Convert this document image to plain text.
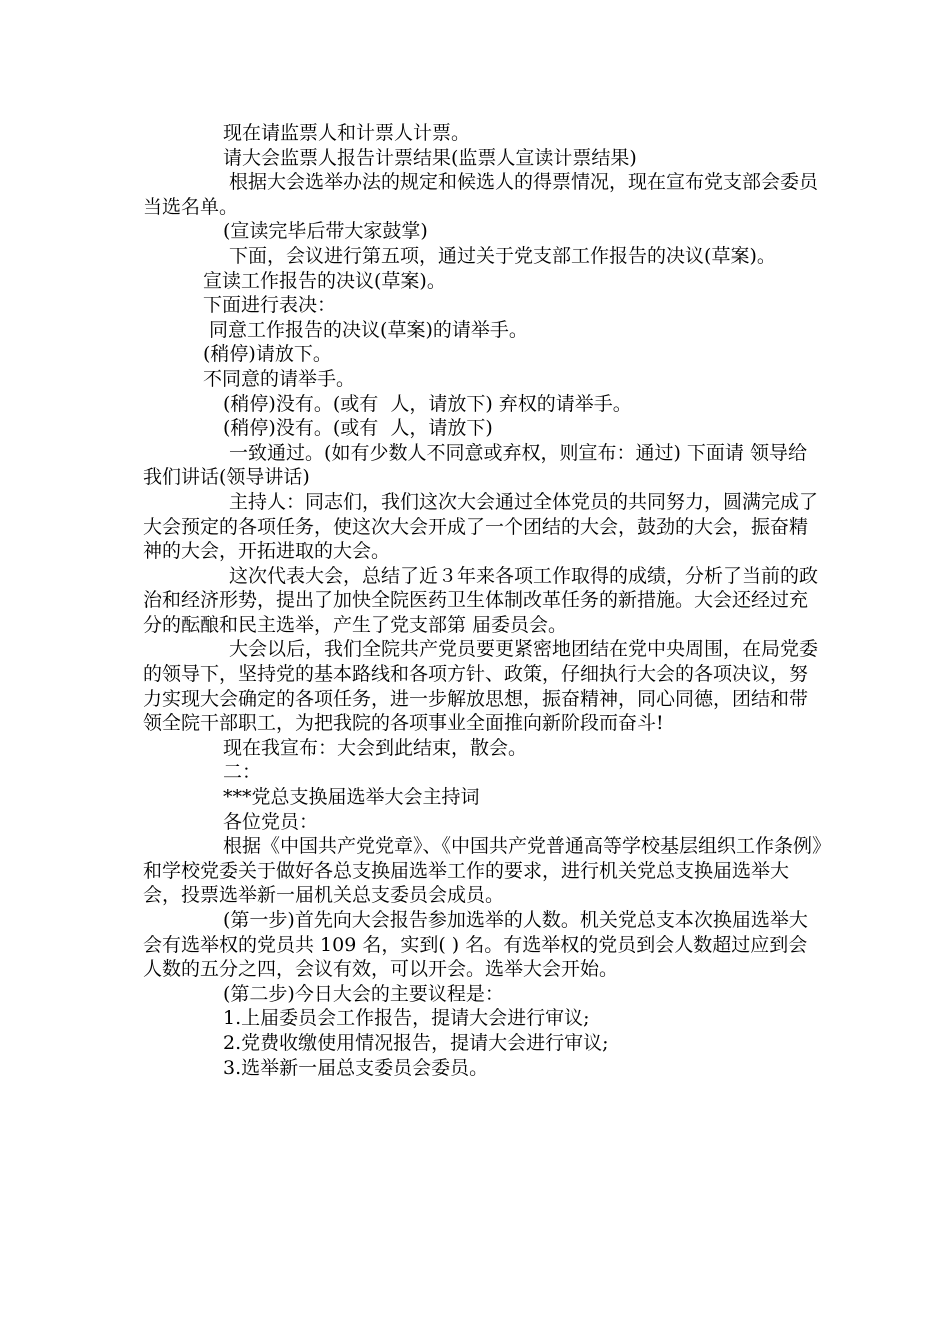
现在请监票人和计票人计票。

请大会监票人报告计票结果(监票人宣读计票结果)

根据大会选举办法的规定和候选人的得票情况，现在宣布党支部会委员当选名单。

(宣读完毕后带大家鼓掌)

下面，会议进行第五项，通过关于党支部工作报告的决议(草案)。

宣读工作报告的决议(草案)。

下面进行表决：

同意工作报告的决议(草案)的请举手。

(稍停)请放下。

不同意的请举手。

(稍停)没有。(或有  人，请放下) 弃权的请举手。

(稍停)没有。(或有  人，请放下)

一致通过。(如有少数人不同意或弃权，则宣布：通过) 下面请 领导给我们讲话(领导讲话)

主持人：同志们，我们这次大会通过全体党员的共同努力，圆满完成了大会预定的各项任务，使这次大会开成了一个团结的大会，鼓劲的大会，振奋精神的大会，开拓进取的大会。

这次代表大会，总结了近３年来各项工作取得的成绩，分析了当前的政治和经济形势，提出了加快全院医药卫生体制改革任务的新措施。大会还经过充分的酝酿和民主选举，产生了党支部第 届委员会。

大会以后，我们全院共产党员要更紧密地团结在党中央周围，在局党委的领导下，坚持党的基本路线和各项方针、政策，仔细执行大会的各项决议，努力实现大会确定的各项任务，进一步解放思想，振奋精神，同心同德，团结和带领全院干部职工，为把我院的各项事业全面推向新阶段而奋斗!

现在我宣布：大会到此结束，散会。

二：

***党总支换届选举大会主持词

各位党员：

根据《中国共产党党章》、《中国共产党普通高等学校基层组织工作条例》和学校党委关于做好各总支换届选举工作的要求，进行机关党总支换届选举大会，投票选举新一届机关总支委员会成员。

(第一步)首先向大会报告参加选举的人数。机关党总支本次换届选举大会有选举权的党员共 109 名，实到( ) 名。有选举权的党员到会人数超过应到会人数的五分之四，会议有效，可以开会。选举大会开始。

(第二步)今日大会的主要议程是：

1.上届委员会工作报告，提请大会进行审议;

2.党费收缴使用情况报告，提请大会进行审议;

3.选举新一届总支委员会委员。
